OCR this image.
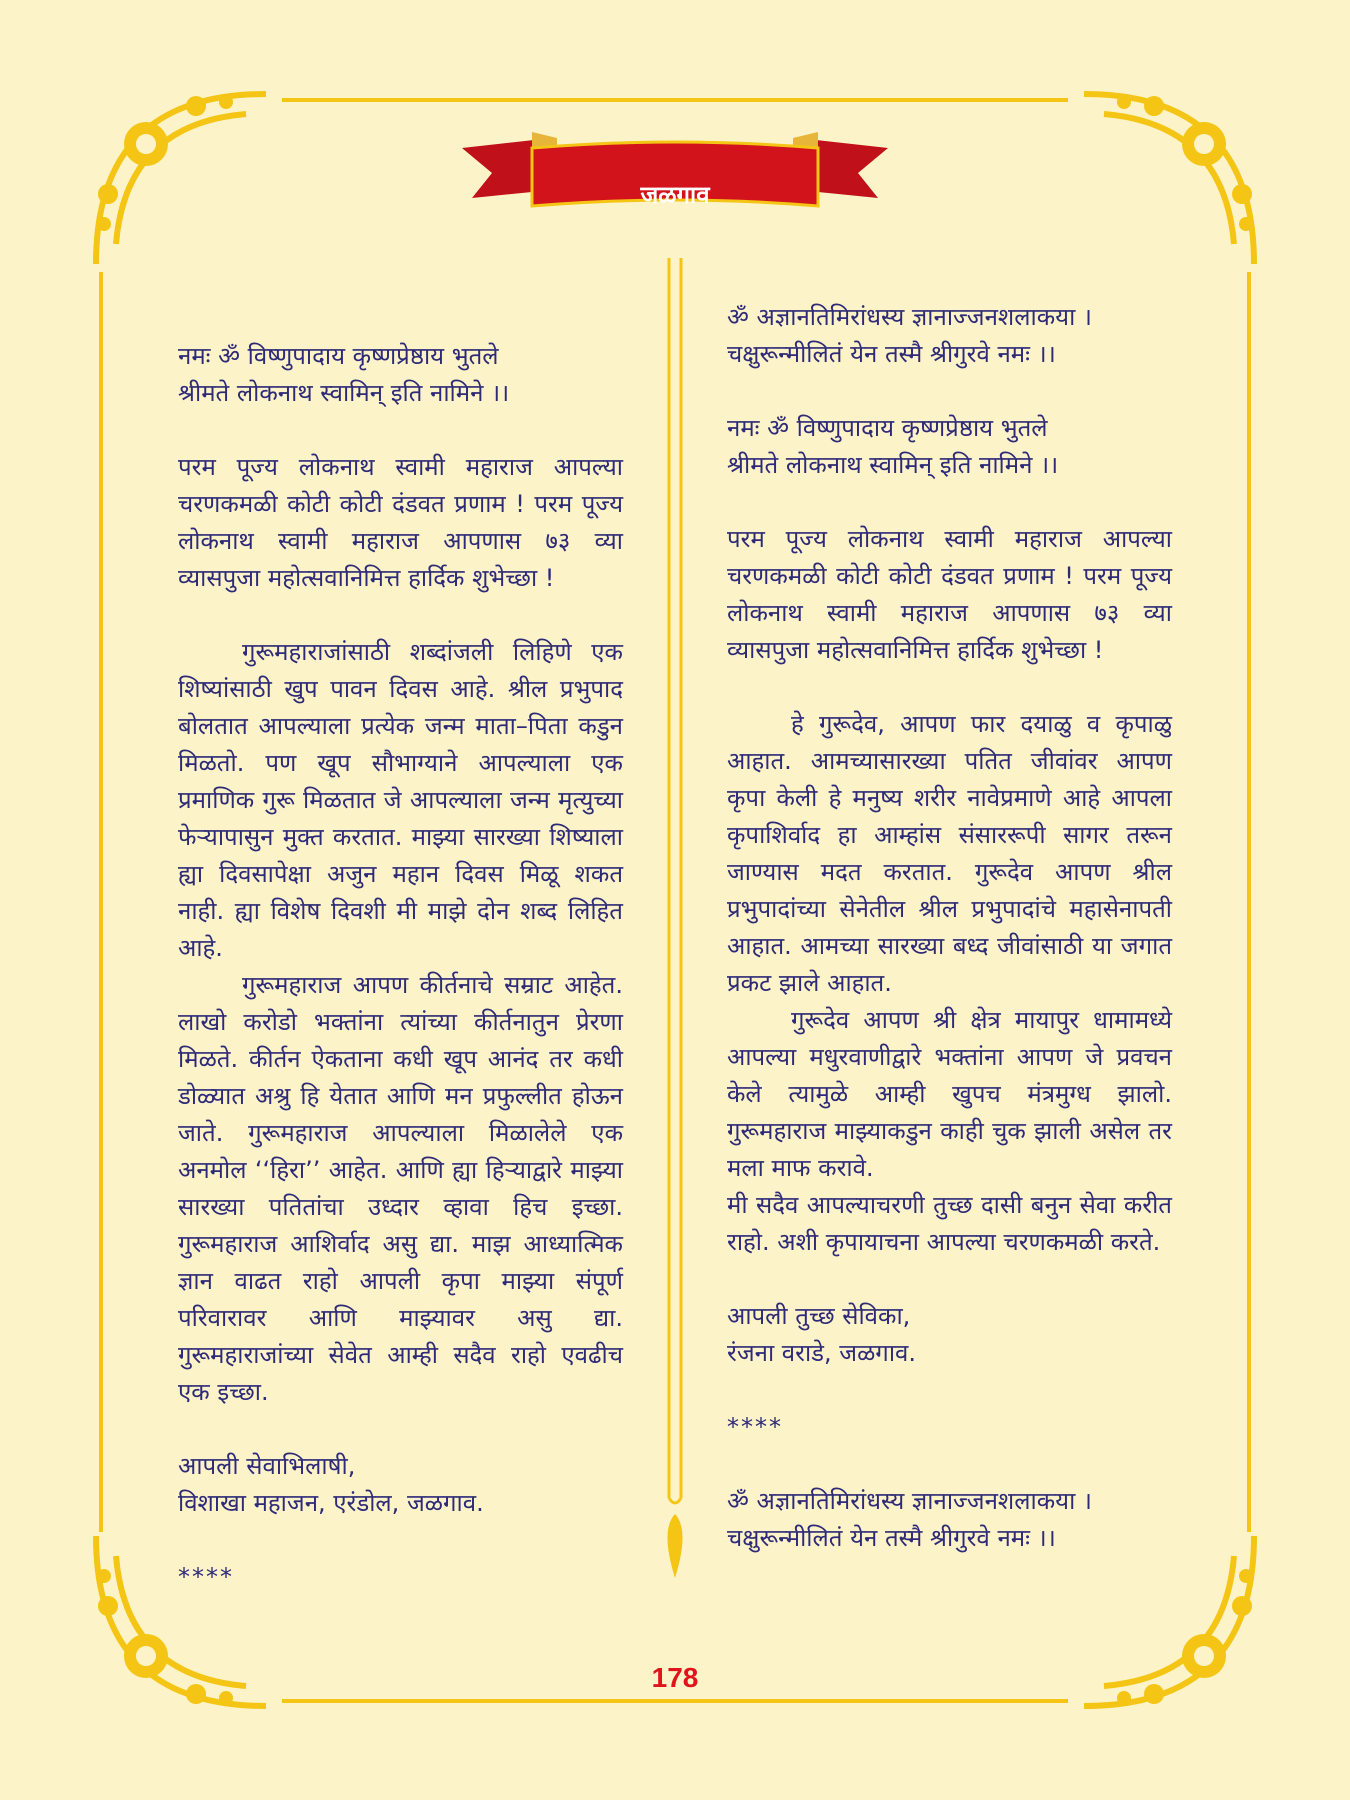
जळगाव

नमः ॐ विष्णुपादाय कृष्णप्रेष्ठाय भुतले

श्रीमते लोकनाथ स्वामिन् इति नामिने ।।

परम पूज्य लोकनाथ स्वामी महाराज आपल्या चरणकमळी कोटी कोटी दंडवत प्रणाम ! परम पूज्य लोकनाथ स्वामी महाराज आपणास ७३ व्या व्यासपुजा महोत्सवानिमित्त हार्दिक शुभेच्छा !

गुरूमहाराजांसाठी शब्दांजली लिहिणे एक शिष्यांसाठी खुप पावन दिवस आहे. श्रील प्रभुपाद बोलतात आपल्याला प्रत्येक जन्म माता–पिता कडुन मिळतो. पण खूप सौभाग्याने आपल्याला एक प्रमाणिक गुरू मिळतात जे आपल्याला जन्म मृत्युच्या फेऱ्यापासुन मुक्त करतात. माझ्या सारख्या शिष्याला ह्या दिवसापेक्षा अजुन महान दिवस मिळू शकत नाही. ह्या विशेष दिवशी मी माझे दोन शब्द लिहित आहे.

गुरूमहाराज आपण कीर्तनाचे सम्राट आहेत. लाखो करोडो भक्तांना त्यांच्या कीर्तनातुन प्रेरणा मिळते. कीर्तन ऐकताना कधी खूप आनंद तर कधी डोळ्यात अश्रु हि येतात आणि मन प्रफुल्लीत होऊन जाते. गुरूमहाराज आपल्याला मिळालेले एक अनमोल ‘‘हिरा’’ आहेत. आणि ह्या हिऱ्याद्वारे माझ्या सारख्या पतितांचा उध्दार व्हावा हिच इच्छा. गुरूमहाराज आशिर्वाद असु द्या. माझ आध्यात्मिक ज्ञान वाढत राहो आपली कृपा माझ्या संपूर्ण परिवारावर आणि माझ्यावर असु द्या. गुरूमहाराजांच्या सेवेत आम्ही सदैव राहो एवढीच एक इच्छा.

आपली सेवाभिलाषी,

विशाखा महाजन, एरंडोल, जळगाव.

****

ॐ अज्ञानतिमिरांधस्य ज्ञानाज्जनशलाकया ।

चक्षुरून्मीलितं येन तस्मै श्रीगुरवे नमः ।।

नमः ॐ विष्णुपादाय कृष्णप्रेष्ठाय भुतले

श्रीमते लोकनाथ स्वामिन् इति नामिने ।।

परम पूज्य लोकनाथ स्वामी महाराज आपल्या चरणकमळी कोटी कोटी दंडवत प्रणाम ! परम पूज्य लोकनाथ स्वामी महाराज आपणास ७३ व्या व्यासपुजा महोत्सवानिमित्त हार्दिक शुभेच्छा !

हे गुरूदेव, आपण फार दयाळु व कृपाळु आहात. आमच्यासारख्या पतित जीवांवर आपण कृपा केली हे मनुष्य शरीर नावेप्रमाणे आहे आपला कृपाशिर्वाद हा आम्हांस संसाररूपी सागर तरून जाण्यास मदत करतात. गुरूदेव आपण श्रील प्रभुपादांच्या सेनेतील श्रील प्रभुपादांचे महासेनापती आहात. आमच्या सारख्या बध्द जीवांसाठी या जगात प्रकट झाले आहात.

गुरूदेव आपण श्री क्षेत्र मायापुर धामामध्ये आपल्या मधुरवाणीद्वारे भक्तांना आपण जे प्रवचन केले त्यामुळे आम्ही खुपच मंत्रमुग्ध झालो. गुरूमहाराज माझ्याकडुन काही चुक झाली असेल तर मला माफ करावे.

मी सदैव आपल्याचरणी तुच्छ दासी बनुन सेवा करीत राहो. अशी कृपायाचना आपल्या चरणकमळी करते.

आपली तुच्छ सेविका,

रंजना वराडे, जळगाव.

****

ॐ अज्ञानतिमिरांधस्य ज्ञानाज्जनशलाकया ।

चक्षुरून्मीलितं येन तस्मै श्रीगुरवे नमः ।।

178
